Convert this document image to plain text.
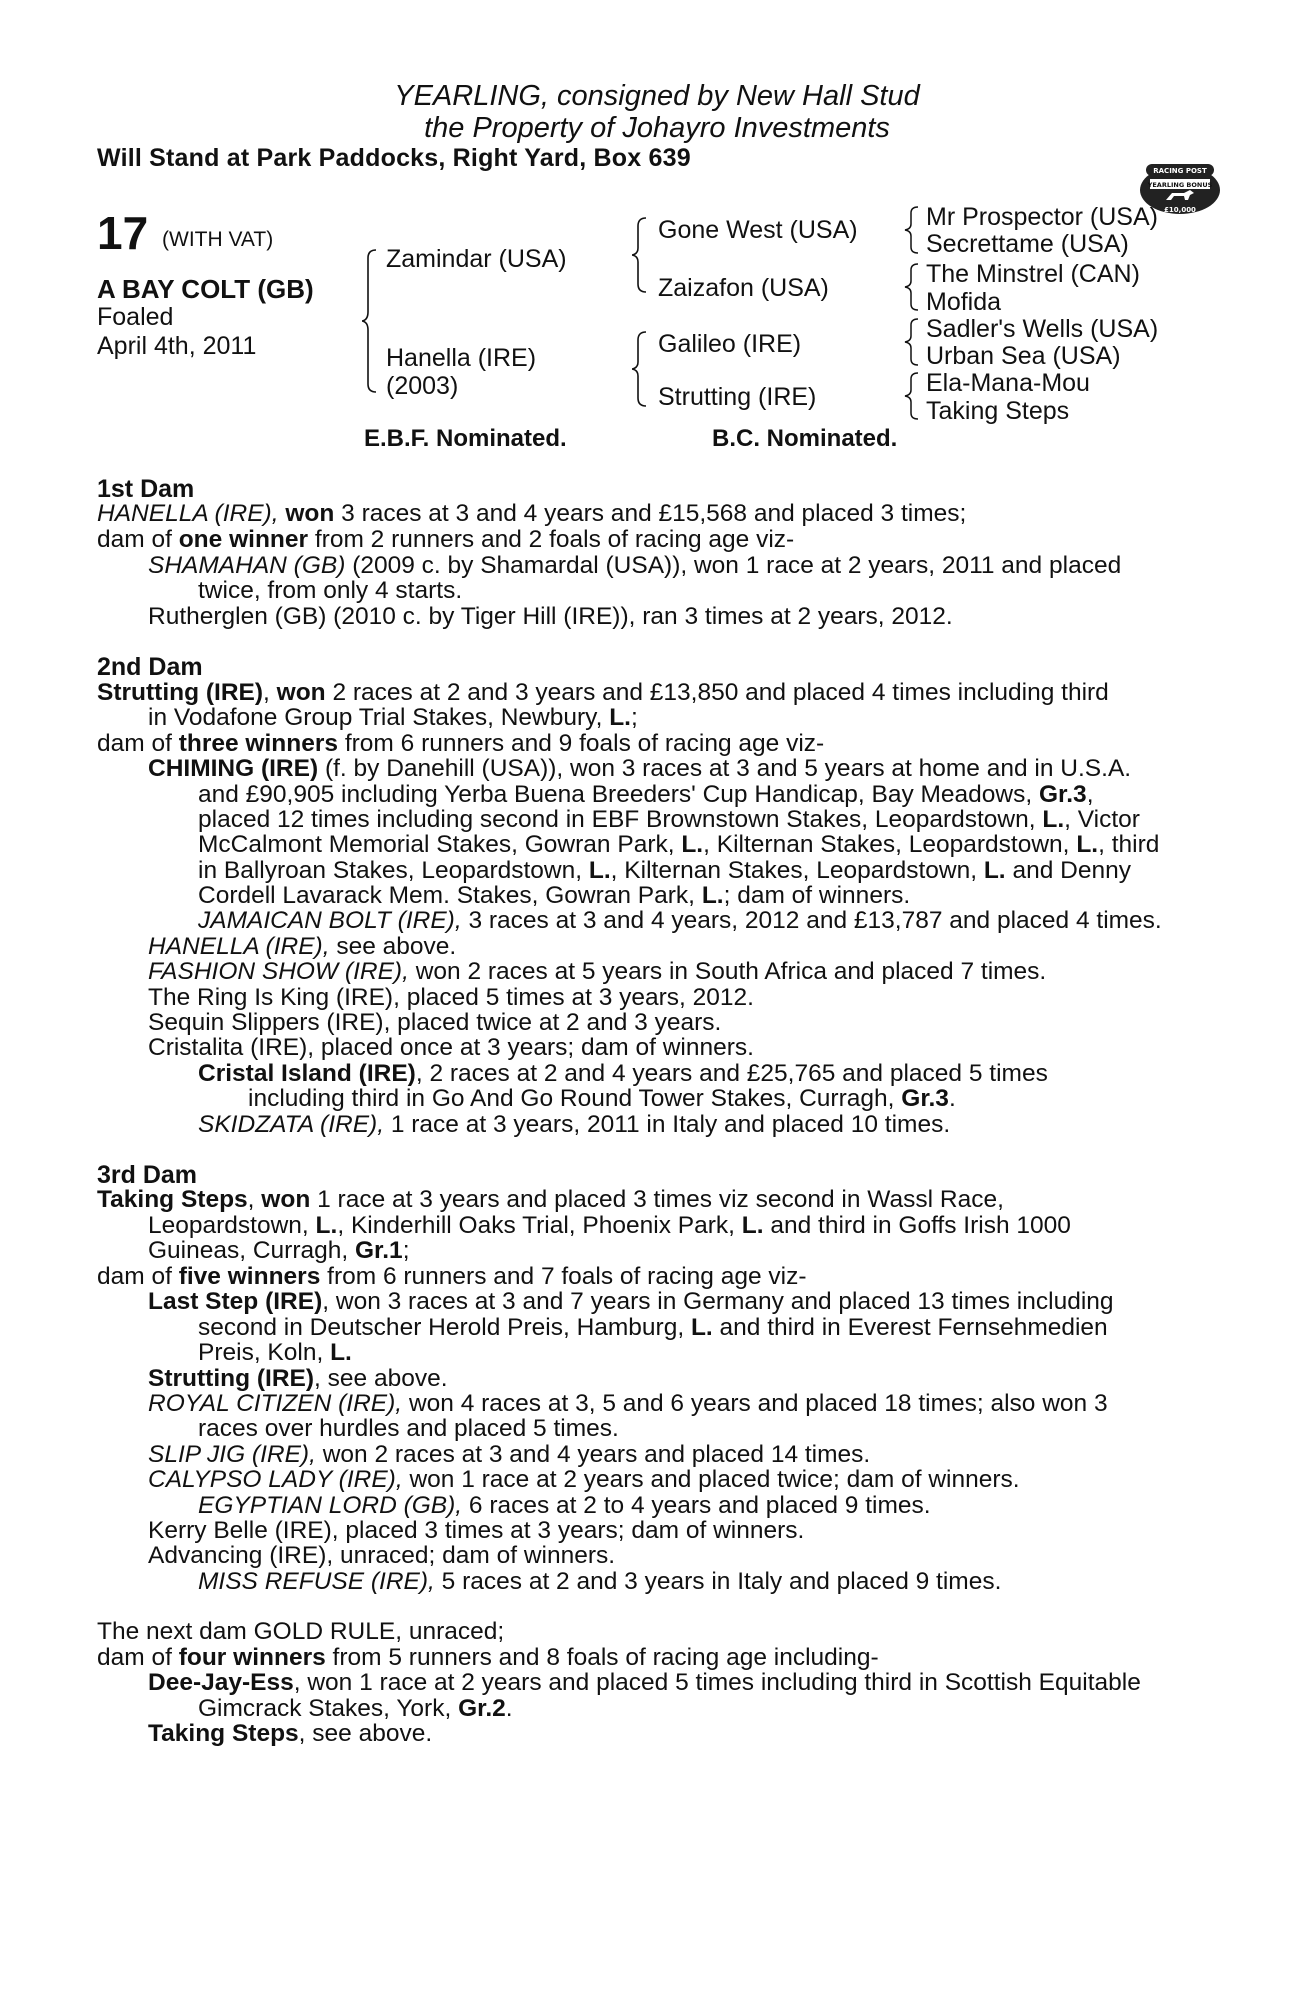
YEARLING, consigned by New Hall Stud
the Property of Johayro Investments
Will Stand at Park Paddocks, Right Yard, Box 639	RACING POST
YEARLING BONUS
£10,000
17 (WITH VAT)
A BAY COLT (GB)
Foaled
April 4th, 2011
Zamindar (USA)
Hanella (IRE)
(2003)
Gone West (USA)
Zaizafon (USA)
Galileo (IRE)
Strutting (IRE)
Mr Prospector (USA)
Secrettame (USA)
The Minstrel (CAN)
Mofida
Sadler's Wells (USA)
Urban Sea (USA)
Ela-Mana-Mou
Taking Steps
E.B.F. Nominated.	B.C. Nominated.
1st Dam
HANELLA (IRE), won 3 races at 3 and 4 years and £15,568 and placed 3 times;
dam of one winner from 2 runners and 2 foals of racing age viz-
SHAMAHAN (GB) (2009 c. by Shamardal (USA)), won 1 race at 2 years, 2011 and placed
twice, from only 4 starts.
Rutherglen (GB) (2010 c. by Tiger Hill (IRE)), ran 3 times at 2 years, 2012.
2nd Dam
Strutting (IRE), won 2 races at 2 and 3 years and £13,850 and placed 4 times including third
in Vodafone Group Trial Stakes, Newbury, L.;
dam of three winners from 6 runners and 9 foals of racing age viz-
CHIMING (IRE) (f. by Danehill (USA)), won 3 races at 3 and 5 years at home and in U.S.A.
and £90,905 including Yerba Buena Breeders' Cup Handicap, Bay Meadows, Gr.3,
placed 12 times including second in EBF Brownstown Stakes, Leopardstown, L., Victor
McCalmont Memorial Stakes, Gowran Park, L., Kilternan Stakes, Leopardstown, L., third
in Ballyroan Stakes, Leopardstown, L., Kilternan Stakes, Leopardstown, L. and Denny
Cordell Lavarack Mem. Stakes, Gowran Park, L.; dam of winners.
JAMAICAN BOLT (IRE), 3 races at 3 and 4 years, 2012 and £13,787 and placed 4 times.
HANELLA (IRE), see above.
FASHION SHOW (IRE), won 2 races at 5 years in South Africa and placed 7 times.
The Ring Is King (IRE), placed 5 times at 3 years, 2012.
Sequin Slippers (IRE), placed twice at 2 and 3 years.
Cristalita (IRE), placed once at 3 years; dam of winners.
Cristal Island (IRE), 2 races at 2 and 4 years and £25,765 and placed 5 times
including third in Go And Go Round Tower Stakes, Curragh, Gr.3.
SKIDZATA (IRE), 1 race at 3 years, 2011 in Italy and placed 10 times.
3rd Dam
Taking Steps, won 1 race at 3 years and placed 3 times viz second in Wassl Race,
Leopardstown, L., Kinderhill Oaks Trial, Phoenix Park, L. and third in Goffs Irish 1000
Guineas, Curragh, Gr.1;
dam of five winners from 6 runners and 7 foals of racing age viz-
Last Step (IRE), won 3 races at 3 and 7 years in Germany and placed 13 times including
second in Deutscher Herold Preis, Hamburg, L. and third in Everest Fernsehmedien
Preis, Koln, L.
Strutting (IRE), see above.
ROYAL CITIZEN (IRE), won 4 races at 3, 5 and 6 years and placed 18 times; also won 3
races over hurdles and placed 5 times.
SLIP JIG (IRE), won 2 races at 3 and 4 years and placed 14 times.
CALYPSO LADY (IRE), won 1 race at 2 years and placed twice; dam of winners.
EGYPTIAN LORD (GB), 6 races at 2 to 4 years and placed 9 times.
Kerry Belle (IRE), placed 3 times at 3 years; dam of winners.
Advancing (IRE), unraced; dam of winners.
MISS REFUSE (IRE), 5 races at 2 and 3 years in Italy and placed 9 times.
The next dam GOLD RULE, unraced;
dam of four winners from 5 runners and 8 foals of racing age including-
Dee-Jay-Ess, won 1 race at 2 years and placed 5 times including third in Scottish Equitable
Gimcrack Stakes, York, Gr.2.
Taking Steps, see above.
